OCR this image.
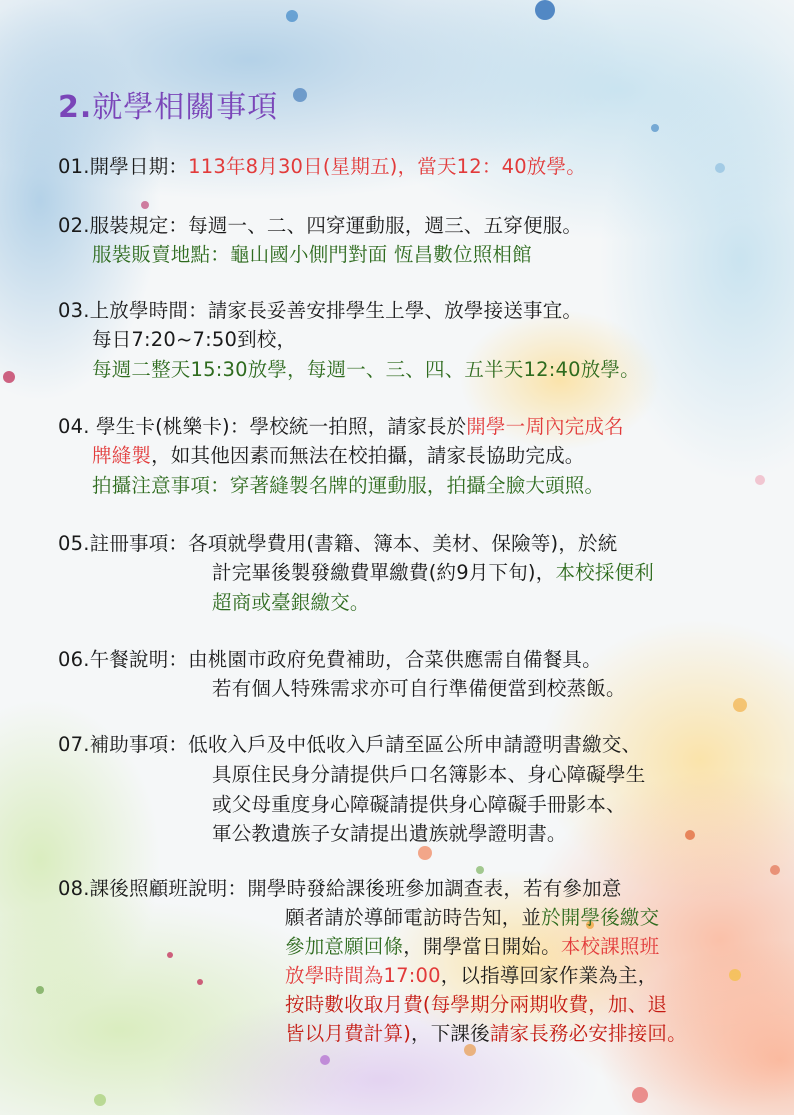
2.就學相關事項
01.開學日期：113年8月30日(星期五)，當天12：40放學。
02.服裝規定：每週一、二、四穿運動服，週三、五穿便服。
服裝販賣地點：龜山國小側門對面 恆昌數位照相館
03.上放學時間：請家長妥善安排學生上學、放學接送事宜。
每日7:20~7:50到校，
每週二整天15:30放學，每週一、三、四、五半天12:40放學。
04. 學生卡(桃樂卡)：學校統一拍照，請家長於開學一周內完成名
牌縫製，如其他因素而無法在校拍攝，請家長協助完成。
拍攝注意事項：穿著縫製名牌的運動服，拍攝全臉大頭照。
05.註冊事項：各項就學費用(書籍、簿本、美材、保險等)，於統
計完畢後製發繳費單繳費(約9月下旬)，本校採便利
超商或臺銀繳交。
06.午餐說明：由桃園市政府免費補助，合菜供應需自備餐具。
若有個人特殊需求亦可自行準備便當到校蒸飯。
07.補助事項：低收入戶及中低收入戶請至區公所申請證明書繳交、
具原住民身分請提供戶口名簿影本、身心障礙學生
或父母重度身心障礙請提供身心障礙手冊影本、
軍公教遺族子女請提出遺族就學證明書。
08.課後照顧班說明：開學時發給課後班參加調查表，若有參加意
願者請於導師電訪時告知，並於開學後繳交
參加意願回條，開學當日開始。本校課照班
放學時間為17:00，以指導回家作業為主，
按時數收取月費(每學期分兩期收費，加、退
皆以月費計算)，下課後請家長務必安排接回。
